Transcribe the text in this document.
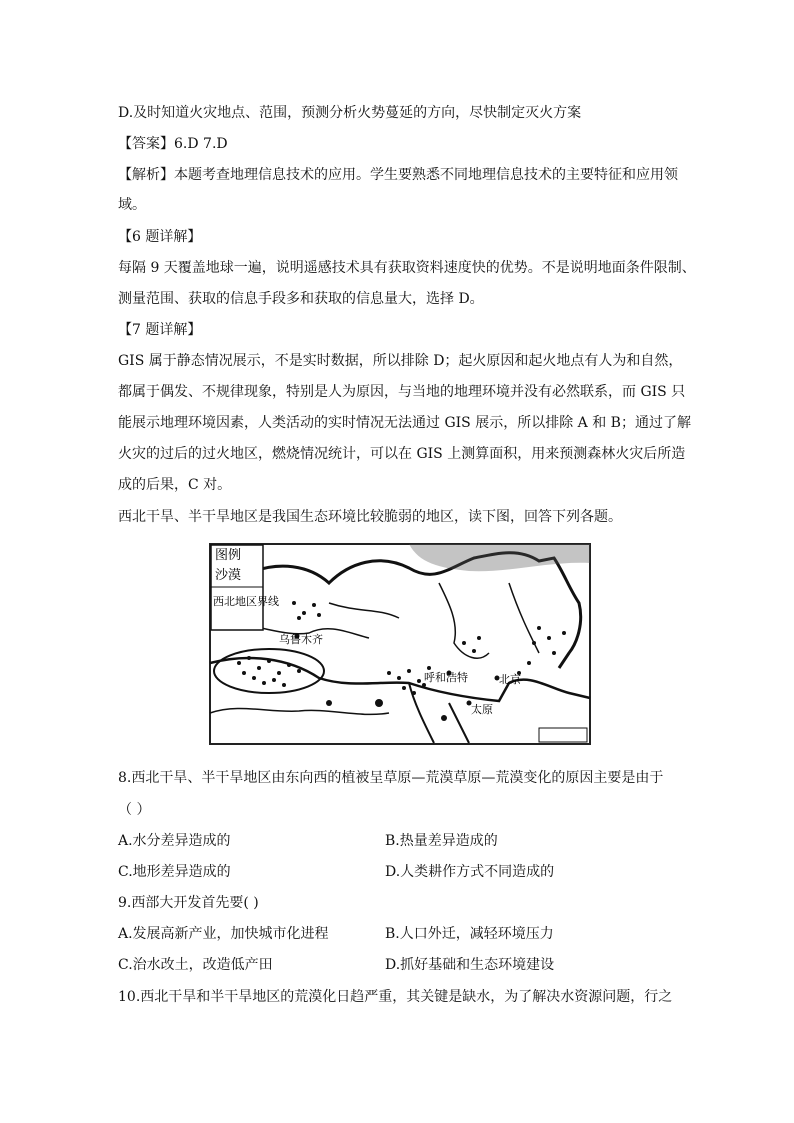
D.及时知道火灾地点、范围，预测分析火势蔓延的方向，尽快制定灭火方案
【答案】6.D 7.D
【解析】本题考查地理信息技术的应用。学生要熟悉不同地理信息技术的主要特征和应用领
域。
【6 题详解】
每隔 9 天覆盖地球一遍，说明遥感技术具有获取资料速度快的优势。不是说明地面条件限制、
测量范围、获取的信息手段多和获取的信息量大，选择 D。
【7 题详解】
GIS 属于静态情况展示，不是实时数据，所以排除 D；起火原因和起火地点有人为和自然，
都属于偶发、不规律现象，特别是人为原因，与当地的地理环境并没有必然联系，而 GIS 只
能展示地理环境因素，人类活动的实时情况无法通过 GIS 展示，所以排除 A 和 B；通过了解
火灾的过后的过火地区，燃烧情况统计，可以在 GIS 上测算面积，用来预测森林火灾后所造
成的后果，C 对。
西北干旱、半干旱地区是我国生态环境比较脆弱的地区，读下图，回答下列各题。
图例
沙漠
西北地区界线
乌鲁木齐
呼和浩特	北京
太原
8.西北干旱、半干旱地区由东向西的植被呈草原—荒漠草原—荒漠变化的原因主要是由于
（ ）
A.水分差异造成的	B.热量差异造成的
C.地形差异造成的	D.人类耕作方式不同造成的
9.西部大开发首先要( )
A.发展高新产业，加快城市化进程	B.人口外迁，减轻环境压力
C.治水改土，改造低产田	D.抓好基础和生态环境建设
10.西北干旱和半干旱地区的荒漠化日趋严重，其关键是缺水，为了解决水资源问题，行之
